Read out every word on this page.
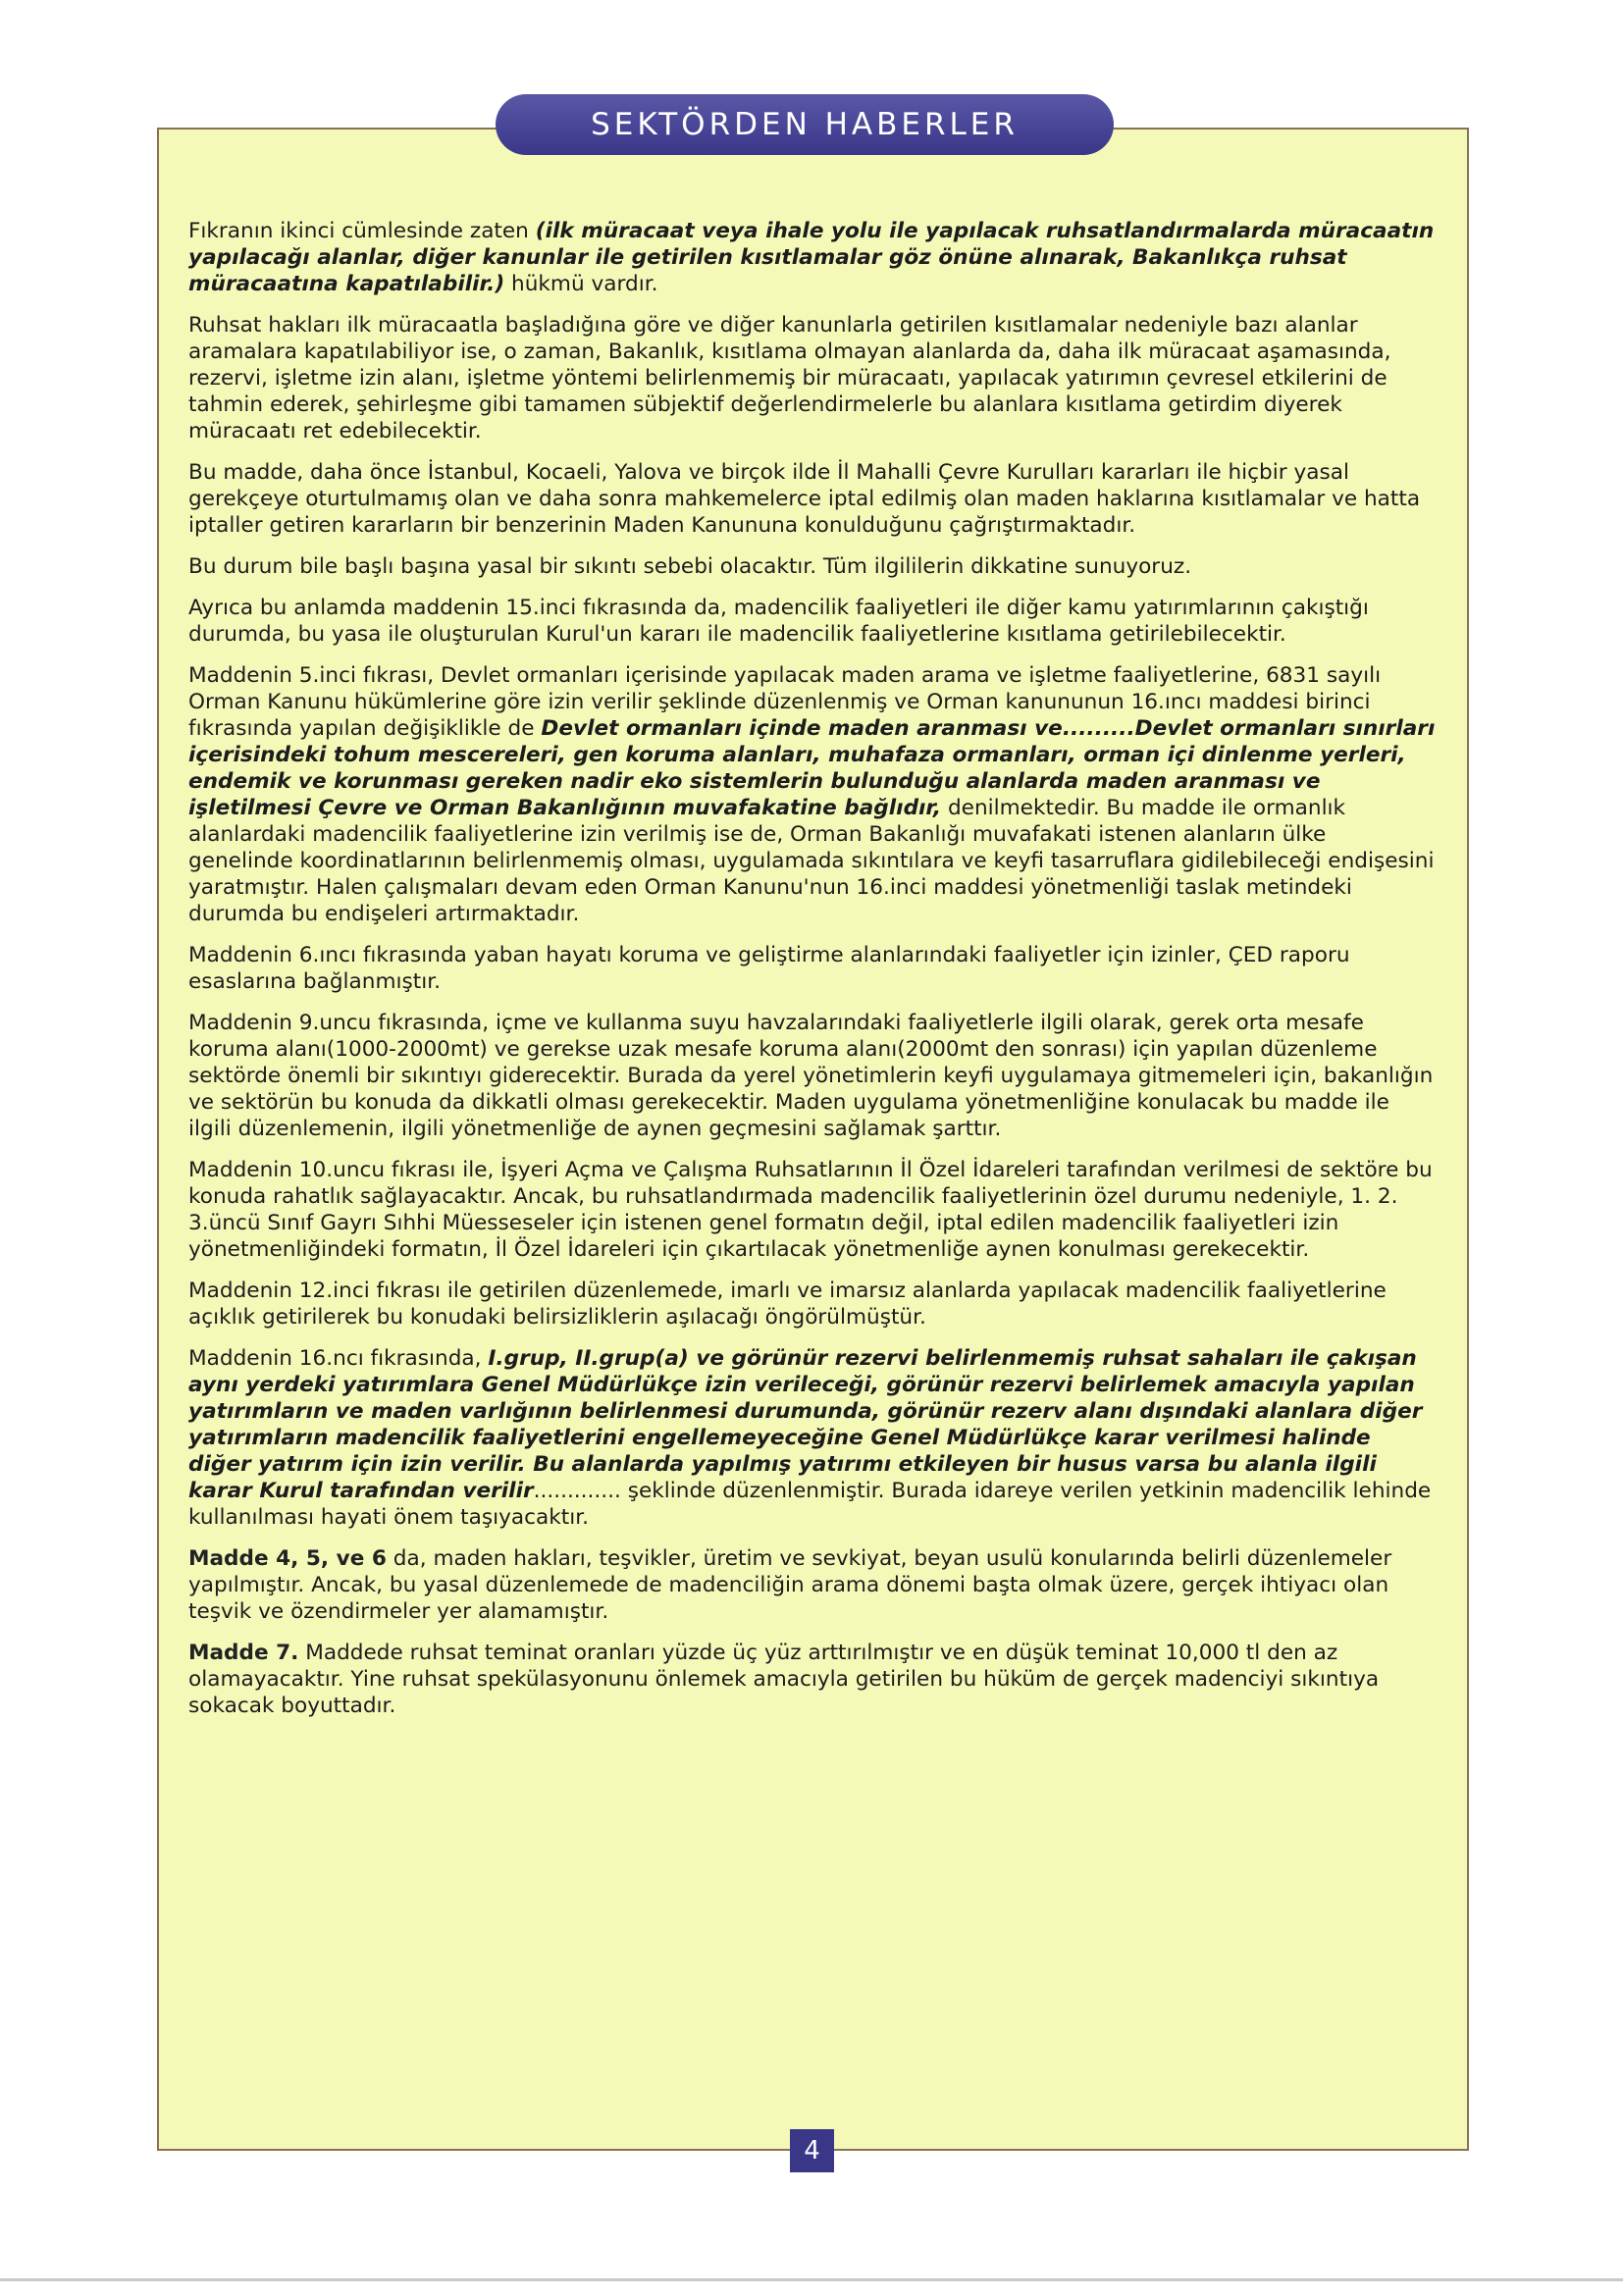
SEKTÖRDEN HABERLER

Fıkranın ikinci cümlesinde zaten (ilk müracaat veya ihale yolu ile yapılacak ruhsatlandırmalarda müracaatın yapılacağı alanlar, diğer kanunlar ile getirilen kısıtlamalar göz önüne alınarak, Bakanlıkça ruhsat müracaatına kapatılabilir.) hükmü vardır.

Ruhsat hakları ilk müracaatla başladığına göre ve diğer kanunlarla getirilen kısıtlamalar nedeniyle bazı alanlar aramalara kapatılabiliyor ise, o zaman, Bakanlık, kısıtlama olmayan alanlarda da, daha ilk müracaat aşamasında, rezervi, işletme izin alanı, işletme yöntemi belirlenmemiş bir müracaatı, yapılacak yatırımın çevresel etkilerini de tahmin ederek, şehirleşme gibi tamamen sübjektif değerlendirmelerle bu alanlara kısıtlama getirdim diyerek müracaatı ret edebilecektir.

Bu madde, daha önce İstanbul, Kocaeli, Yalova ve birçok ilde İl Mahalli Çevre Kurulları kararları ile hiçbir yasal gerekçeye oturtulmamış olan ve daha sonra mahkemelerce iptal edilmiş olan maden haklarına kısıtlamalar ve hatta iptaller getiren kararların bir benzerinin Maden Kanununa konulduğunu çağrıştırmaktadır.

Bu durum bile başlı başına yasal bir sıkıntı sebebi olacaktır. Tüm ilgililerin dikkatine sunuyoruz.

Ayrıca bu anlamda maddenin 15.inci fıkrasında da, madencilik faaliyetleri ile diğer kamu yatırımlarının çakıştığı durumda, bu yasa ile oluşturulan Kurul'un kararı ile madencilik faaliyetlerine kısıtlama getirilebilecektir.

Maddenin 5.inci fıkrası, Devlet ormanları içerisinde yapılacak maden arama ve işletme faaliyetlerine, 6831 sayılı Orman Kanunu hükümlerine göre izin verilir şeklinde düzenlenmiş ve Orman kanununun 16.ıncı maddesi birinci fıkrasında yapılan değişiklikle de Devlet ormanları içinde maden aranması ve.........Devlet ormanları sınırları içerisindeki tohum mescereleri, gen koruma alanları, muhafaza ormanları, orman içi dinlenme yerleri, endemik ve korunması gereken nadir eko sistemlerin bulunduğu alanlarda maden aranması ve işletilmesi Çevre ve Orman Bakanlığının muvafakatine bağlıdır, denilmektedir. Bu madde ile ormanlık alanlardaki madencilik faaliyetlerine izin verilmiş ise de, Orman Bakanlığı muvafakati istenen alanların ülke genelinde koordinatlarının belirlenmemiş olması, uygulamada sıkıntılara ve keyfi tasarruflara gidilebileceği endişesini yaratmıştır. Halen çalışmaları devam eden Orman Kanunu'nun 16.inci maddesi yönetmenliği taslak metindeki durumda bu endişeleri artırmaktadır.

Maddenin 6.ıncı fıkrasında yaban hayatı koruma ve geliştirme alanlarındaki faaliyetler için izinler, ÇED raporu esaslarına bağlanmıştır.

Maddenin 9.uncu fıkrasında, içme ve kullanma suyu havzalarındaki faaliyetlerle ilgili olarak, gerek orta mesafe koruma alanı(1000-2000mt) ve gerekse uzak mesafe koruma alanı(2000mt den sonrası) için yapılan düzenleme sektörde önemli bir sıkıntıyı giderecektir. Burada da yerel yönetimlerin keyfi uygulamaya gitmemeleri için, bakanlığın ve sektörün bu konuda da dikkatli olması gerekecektir. Maden uygulama yönetmenliğine konulacak bu madde ile ilgili düzenlemenin, ilgili yönetmenliğe de aynen geçmesini sağlamak şarttır.

Maddenin 10.uncu fıkrası ile, İşyeri Açma ve Çalışma Ruhsatlarının İl Özel İdareleri tarafından verilmesi de sektöre bu konuda rahatlık sağlayacaktır. Ancak, bu ruhsatlandırmada madencilik faaliyetlerinin özel durumu nedeniyle, 1. 2. 3.üncü Sınıf Gayrı Sıhhi Müesseseler için istenen genel formatın değil, iptal edilen madencilik faaliyetleri izin yönetmenliğindeki formatın, İl Özel İdareleri için çıkartılacak yönetmenliğe aynen konulması gerekecektir.

Maddenin 12.inci fıkrası ile getirilen düzenlemede, imarlı ve imarsız alanlarda yapılacak madencilik faaliyetlerine açıklık getirilerek bu konudaki belirsizliklerin aşılacağı öngörülmüştür.

Maddenin 16.ncı fıkrasında, I.grup, II.grup(a) ve görünür rezervi belirlenmemiş ruhsat sahaları ile çakışan aynı yerdeki yatırımlara Genel Müdürlükçe izin verileceği, görünür rezervi belirlemek amacıyla yapılan yatırımların ve maden varlığının belirlenmesi durumunda, görünür rezerv alanı dışındaki alanlara diğer yatırımların madencilik faaliyetlerini engellemeyeceğine Genel Müdürlükçe karar verilmesi halinde diğer yatırım için izin verilir. Bu alanlarda yapılmış yatırımı etkileyen bir husus varsa bu alanla ilgili karar Kurul tarafından verilir............. şeklinde düzenlenmiştir. Burada idareye verilen yetkinin madencilik lehinde kullanılması hayati önem taşıyacaktır.

Madde 4, 5, ve 6 da, maden hakları, teşvikler, üretim ve sevkiyat, beyan usulü konularında belirli düzenlemeler yapılmıştır. Ancak, bu yasal düzenlemede de madenciliğin arama dönemi başta olmak üzere, gerçek ihtiyacı olan teşvik ve özendirmeler yer alamamıştır.

Madde 7. Maddede ruhsat teminat oranları yüzde üç yüz arttırılmıştır ve en düşük teminat 10,000 tl den az olamayacaktır. Yine ruhsat spekülasyonunu önlemek amacıyla getirilen bu hüküm de gerçek madenciyi sıkıntıya sokacak boyuttadır.

4
